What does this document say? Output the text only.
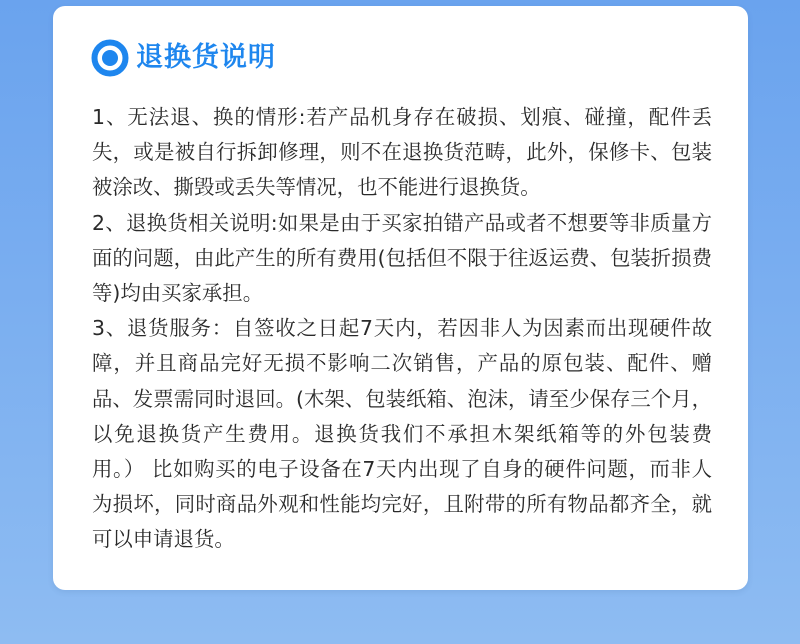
退换货说明

1、无法退、换的情形:若产品机身存在破损、划痕、碰撞，配件丢失，或是被自行拆卸修理，则不在退换货范畴，此外，保修卡、包装被涂改、撕毁或丢失等情况，也不能进行退换货。

2、退换货相关说明:如果是由于买家拍错产品或者不想要等非质量方面的问题，由此产生的所有费用(包括但不限于往返运费、包装折损费等)均由买家承担。

3、退货服务：自签收之日起7天内，若因非人为因素而出现硬件故障，并且商品完好无损不影响二次销售，产品的原包装、配件、赠品、发票需同时退回。(木架、包装纸箱、泡沫，请至少保存三个月，以免退换货产生费用。退换货我们不承担木架纸箱等的外包装费用。） 比如购买的电子设备在7天内出现了自身的硬件问题，而非人为损坏，同时商品外观和性能均完好，且附带的所有物品都齐全，就可以申请退货。
